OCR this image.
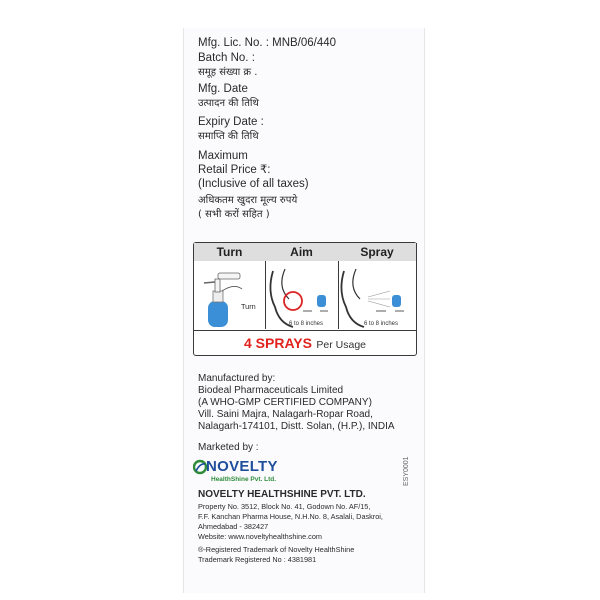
Mfg. Lic. No. : MNB/06/440
Batch No. :
समूह संख्या क्र .
Mfg. Date
उत्पादन की तिथि
Expiry Date :
समाप्ति की तिथि
Maximum
Retail Price ₹:
(Inclusive of all taxes)
अधिकतम खुदरा मूल्य रुपये
( सभी करों सहित )
Turn
Turn
Aim
6 to 8 inches
Spray
6 to 8 inches
4 SPRAYS Per Usage
Manufactured by:
Biodeal Pharmaceuticals Limited
(A WHO-GMP CERTIFIED COMPANY)
Vill. Saini Majra, Nalagarh-Ropar Road,
Nalagarh-174101, Distt. Solan, (H.P.), INDIA
Marketed by :
NOVELTY
HealthShine Pvt. Ltd.
NOVELTY HEALTHSHINE PVT. LTD.
Property No. 3512, Block No. 41, Godown No. AF/15,
F.F. Kanchan Pharma House, N.H.No. 8, Asalali, Daskroi,
Ahmedabad - 382427
Website: www.noveltyhealthshine.com
®-Registered Trademark of Novelty HealthShine
Trademark Registered No : 4381981
ESY0001
